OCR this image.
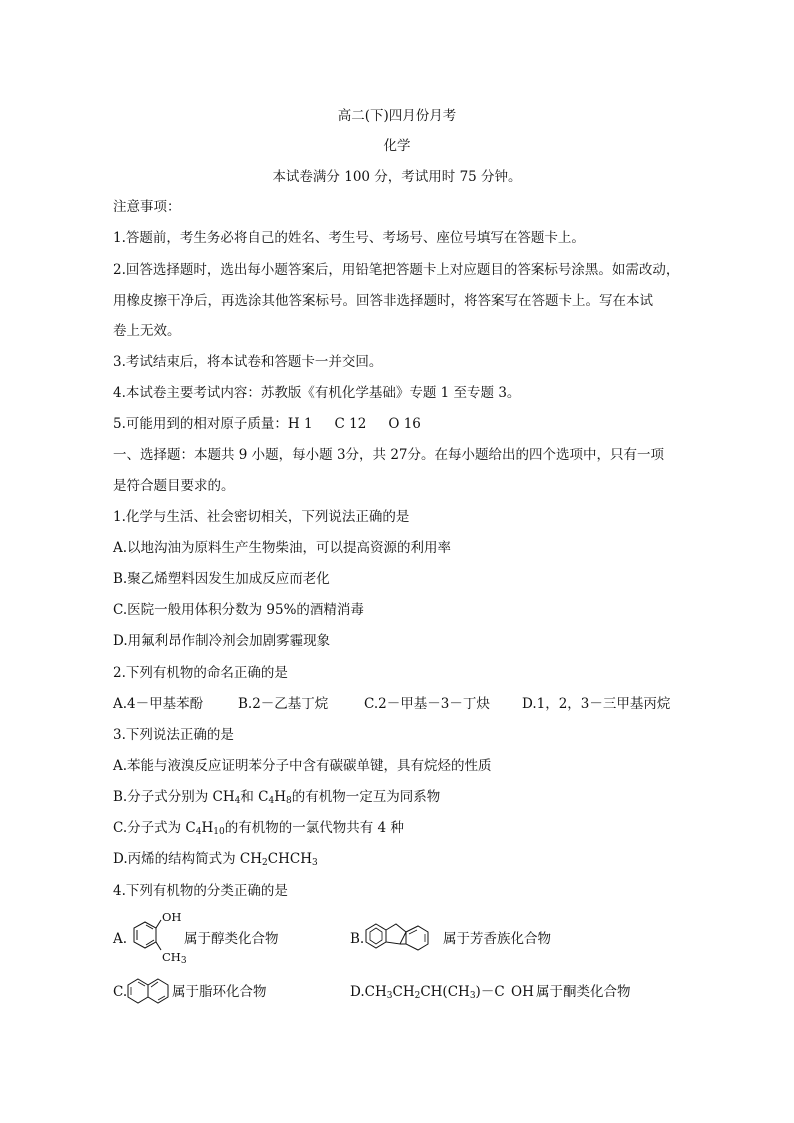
高二(下)四月份月考
化学
本试卷满分 100 分，考试用时 75 分钟。
注意事项：
1.答题前，考生务必将自己的姓名、考生号、考场号、座位号填写在答题卡上。
2.回答选择题时，选出每小题答案后，用铅笔把答题卡上对应题目的答案标号涂黑。如需改动，
用橡皮擦干净后，再选涂其他答案标号。回答非选择题时，将答案写在答题卡上。写在本试
卷上无效。
3.考试结束后，将本试卷和答题卡一并交回。
4.本试卷主要考试内容：苏教版《有机化学基础》专题 1 至专题 3。
5.可能用到的相对原子质量：H 1 C 12 O 16
一、选择题：本题共 9 小题，每小题 3分，共 27分。在每小题给出的四个选项中，只有一项
是符合题目要求的。
1.化学与生活、社会密切相关，下列说法正确的是
A.以地沟油为原料生产生物柴油，可以提高资源的利用率
B.聚乙烯塑料因发生加成反应而老化
C.医院一般用体积分数为 95%的酒精消毒
D.用氟利昂作制冷剂会加剧雾霾现象
2.下列有机物的命名正确的是
A.4－甲基苯酚	B.2－乙基丁烷	C.2－甲基－3－丁炔 D.1，2，3－三甲基丙烷
3.下列说法正确的是
A.苯能与液溴反应证明苯分子中含有碳碳单键，具有烷烃的性质
B.分子式分别为 $CH_4$和 $C_4H_8$的有机物一定互为同系物
C.分子式为 $C_4H_{10}$的有机物的一氯代物共有 4 种
D.丙烯的结构简式为 $CH_2CHCH_3$
4.下列有机物的分类正确的是
A.
OH
$CH_3$
属于醇类化合物	B.	属于芳香族化合物
C.	属于脂环化合物	$D.CH_3CH_2CH(CH_3)-C$ OH 属于酮类化合物
